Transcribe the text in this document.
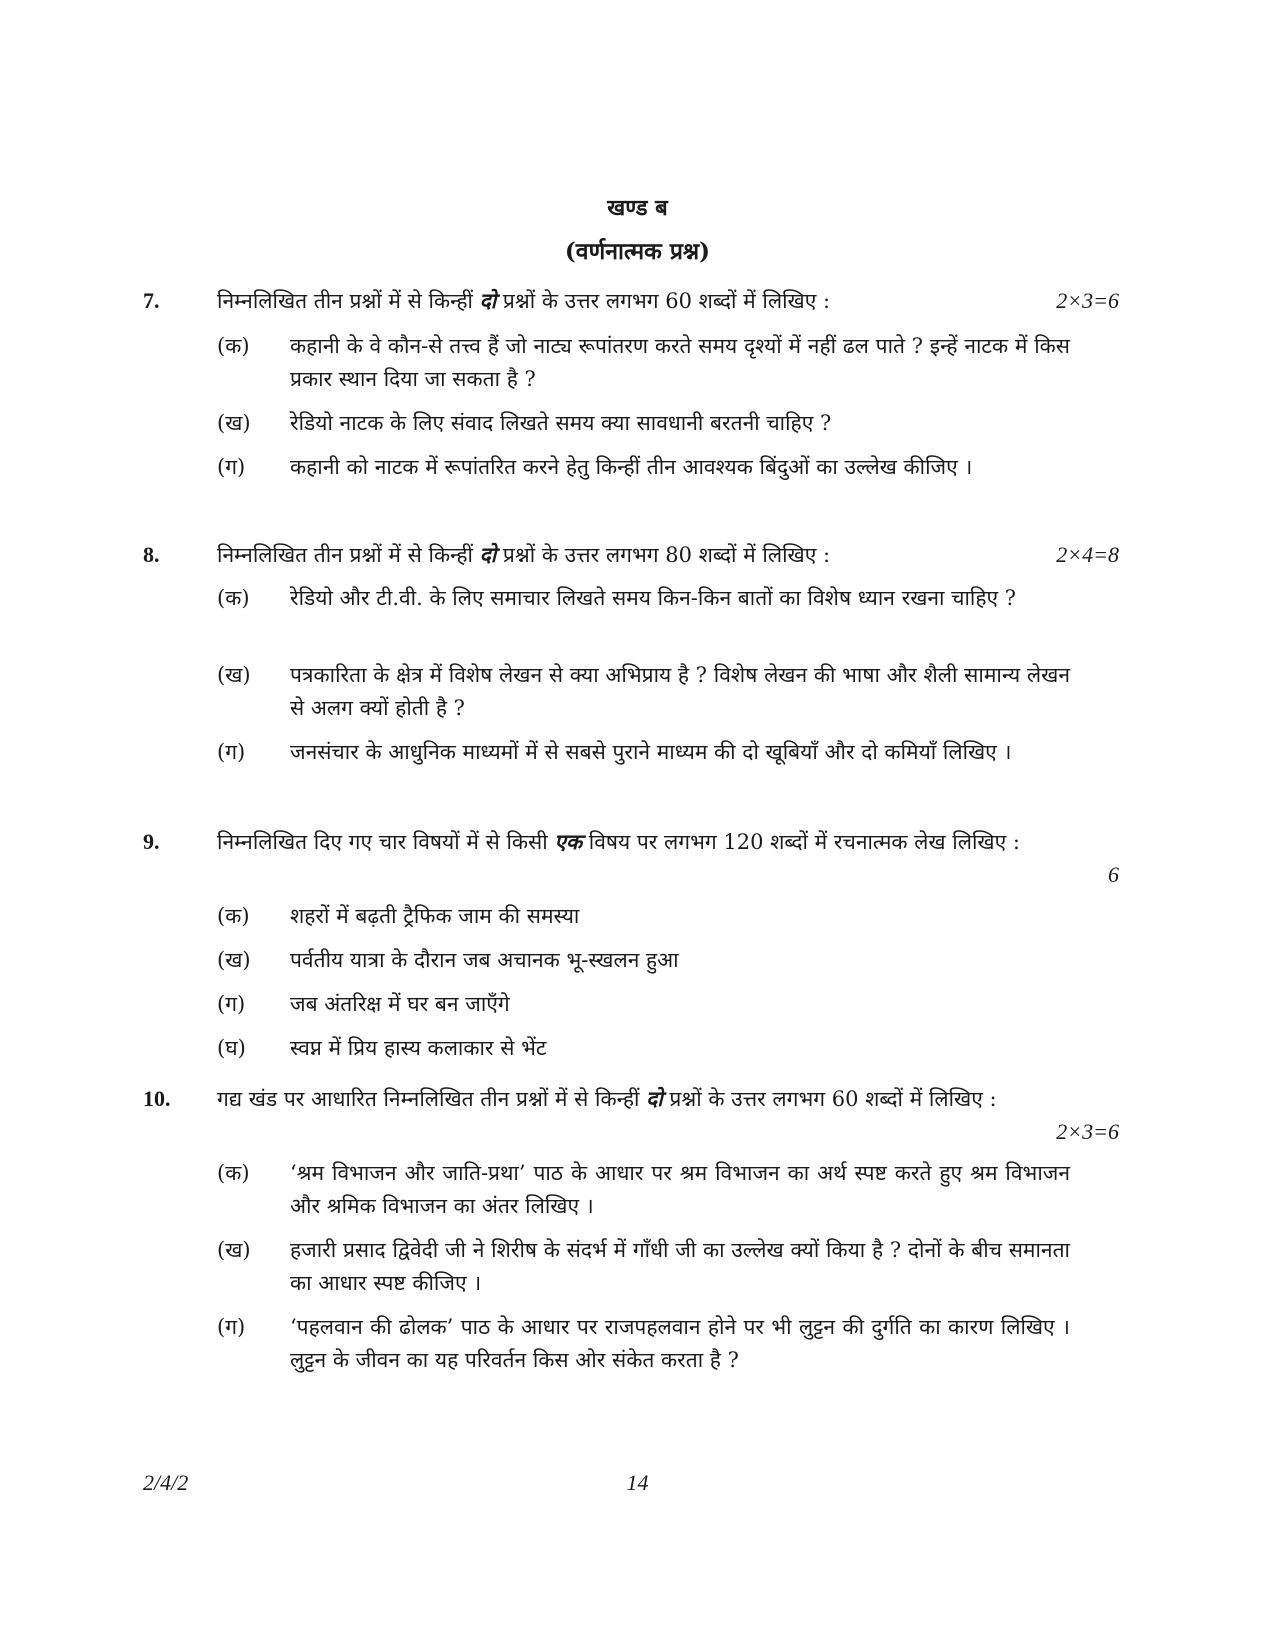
खण्ड ब
(वर्णनात्मक प्रश्न)
7.	निम्नलिखित तीन प्रश्नों में से किन्हीं दो प्रश्नों के उत्तर लगभग 60 शब्दों में लिखिए :	2×3=6
(क) कहानी के वे कौन-से तत्त्व हैं जो नाट्य रूपांतरण करते समय दृश्यों में नहीं ढल पाते ? इन्हें नाटक में किस प्रकार स्थान दिया जा सकता है ?
(ख) रेडियो नाटक के लिए संवाद लिखते समय क्या सावधानी बरतनी चाहिए ?
(ग) कहानी को नाटक में रूपांतरित करने हेतु किन्हीं तीन आवश्यक बिंदुओं का उल्लेख कीजिए ।
8.	निम्नलिखित तीन प्रश्नों में से किन्हीं दो प्रश्नों के उत्तर लगभग 80 शब्दों में लिखिए :	2×4=8
(क) रेडियो और टी.वी. के लिए समाचार लिखते समय किन-किन बातों का विशेष ध्यान रखना चाहिए ?
(ख) पत्रकारिता के क्षेत्र में विशेष लेखन से क्या अभिप्राय है ? विशेष लेखन की भाषा और शैली सामान्य लेखन से अलग क्यों होती है ?
(ग) जनसंचार के आधुनिक माध्यमों में से सबसे पुराने माध्यम की दो खूबियाँ और दो कमियाँ लिखिए ।
9.	निम्नलिखित दिए गए चार विषयों में से किसी एक विषय पर लगभग 120 शब्दों में रचनात्मक लेख लिखिए :
6
(क) शहरों में बढ़ती ट्रैफिक जाम की समस्या
(ख) पर्वतीय यात्रा के दौरान जब अचानक भू-स्खलन हुआ
(ग) जब अंतरिक्ष में घर बन जाएँगे
(घ) स्वप्न में प्रिय हास्य कलाकार से भेंट
10. गद्य खंड पर आधारित निम्नलिखित तीन प्रश्नों में से किन्हीं दो प्रश्नों के उत्तर लगभग 60 शब्दों में लिखिए :
2×3=6
(क) ‘श्रम विभाजन और जाति-प्रथा’ पाठ के आधार पर श्रम विभाजन का अर्थ स्पष्ट करते हुए श्रम विभाजन और श्रमिक विभाजन का अंतर लिखिए ।
(ख) हजारी प्रसाद द्विवेदी जी ने शिरीष के संदर्भ में गाँधी जी का उल्लेख क्यों किया है ? दोनों के बीच समानता का आधार स्पष्ट कीजिए ।
(ग) ‘पहलवान की ढोलक’ पाठ के आधार पर राजपहलवान होने पर भी लुट्टन की दुर्गति का कारण लिखिए । लुट्टन के जीवन का यह परिवर्तन किस ओर संकेत करता है ?
2/4/2	14
